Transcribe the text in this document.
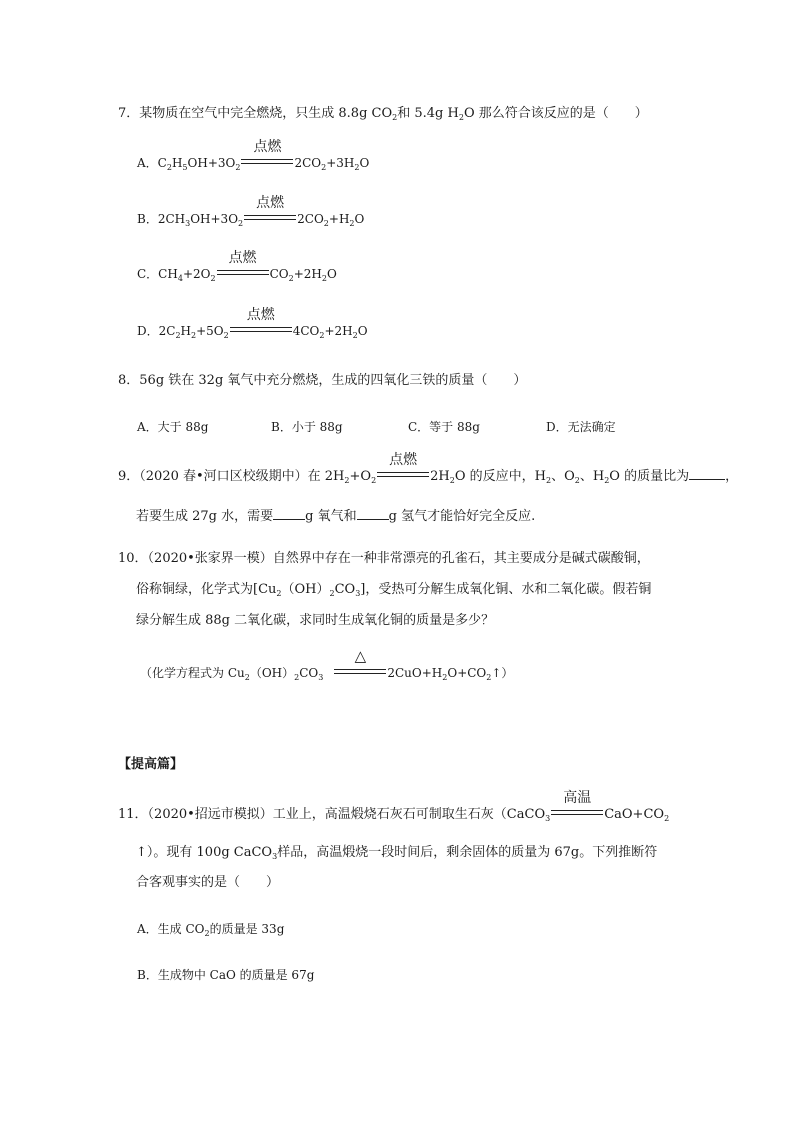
7．某物质在空气中完全燃烧，只生成 8.8g $CO_2$和 5.4g $H_2O$ 那么符合该反应的是（　　）
A．$C_2H_5OH+3O_2$
点燃
$2CO_2+3H_2O$
B．$2CH_3OH+3O_2$
点燃
$2CO_2+H_2O$
C．$CH_4+2O_2$
点燃
$CO_2+2H_2O$
D．$2C_2H_2+5O_2$
点燃
$4CO_2+2H_2O$
8．56g 铁在 32g 氧气中充分燃烧，生成的四氧化三铁的质量（　　）
A．大于 88g	B．小于 88g	C．等于 88g	D．无法确定
9．（2020 春•河口区校级期中）在 $2H_2+O_2$
点燃
$2H_2O$ 的反应中，$H_2$、$O_2$、$H_2O$ 的质量比为	，
若要生成 27g 水，需要 g 氧气和 g 氢气才能恰好完全反应.
10．（2020•张家界一模）自然界中存在一种非常漂亮的孔雀石，其主要成分是碱式碳酸铜，
俗称铜绿，化学式为$[Cu_2(OH)_2CO_3]$，受热可分解生成氧化铜、水和二氧化碳。假若铜
绿分解生成 88g 二氧化碳，求同时生成氧化铜的质量是多少？
（化学方程式为 $Cu_2(OH)_2CO_3$
△
$2CuO+H_2O+CO_2↑$）
【提高篇】
11．（2020•招远市模拟）工业上，高温煅烧石灰石可制取生石灰（CaCO$_3$
高温
$CaO+CO_2$
↑）。现有 100g CaCO$_3$样品，高温煅烧一段时间后，剩余固体的质量为 67g。下列推断符
合客观事实的是（　　）
A．生成 $CO_2$的质量是 33g
B．生成物中 CaO 的质量是 67g
